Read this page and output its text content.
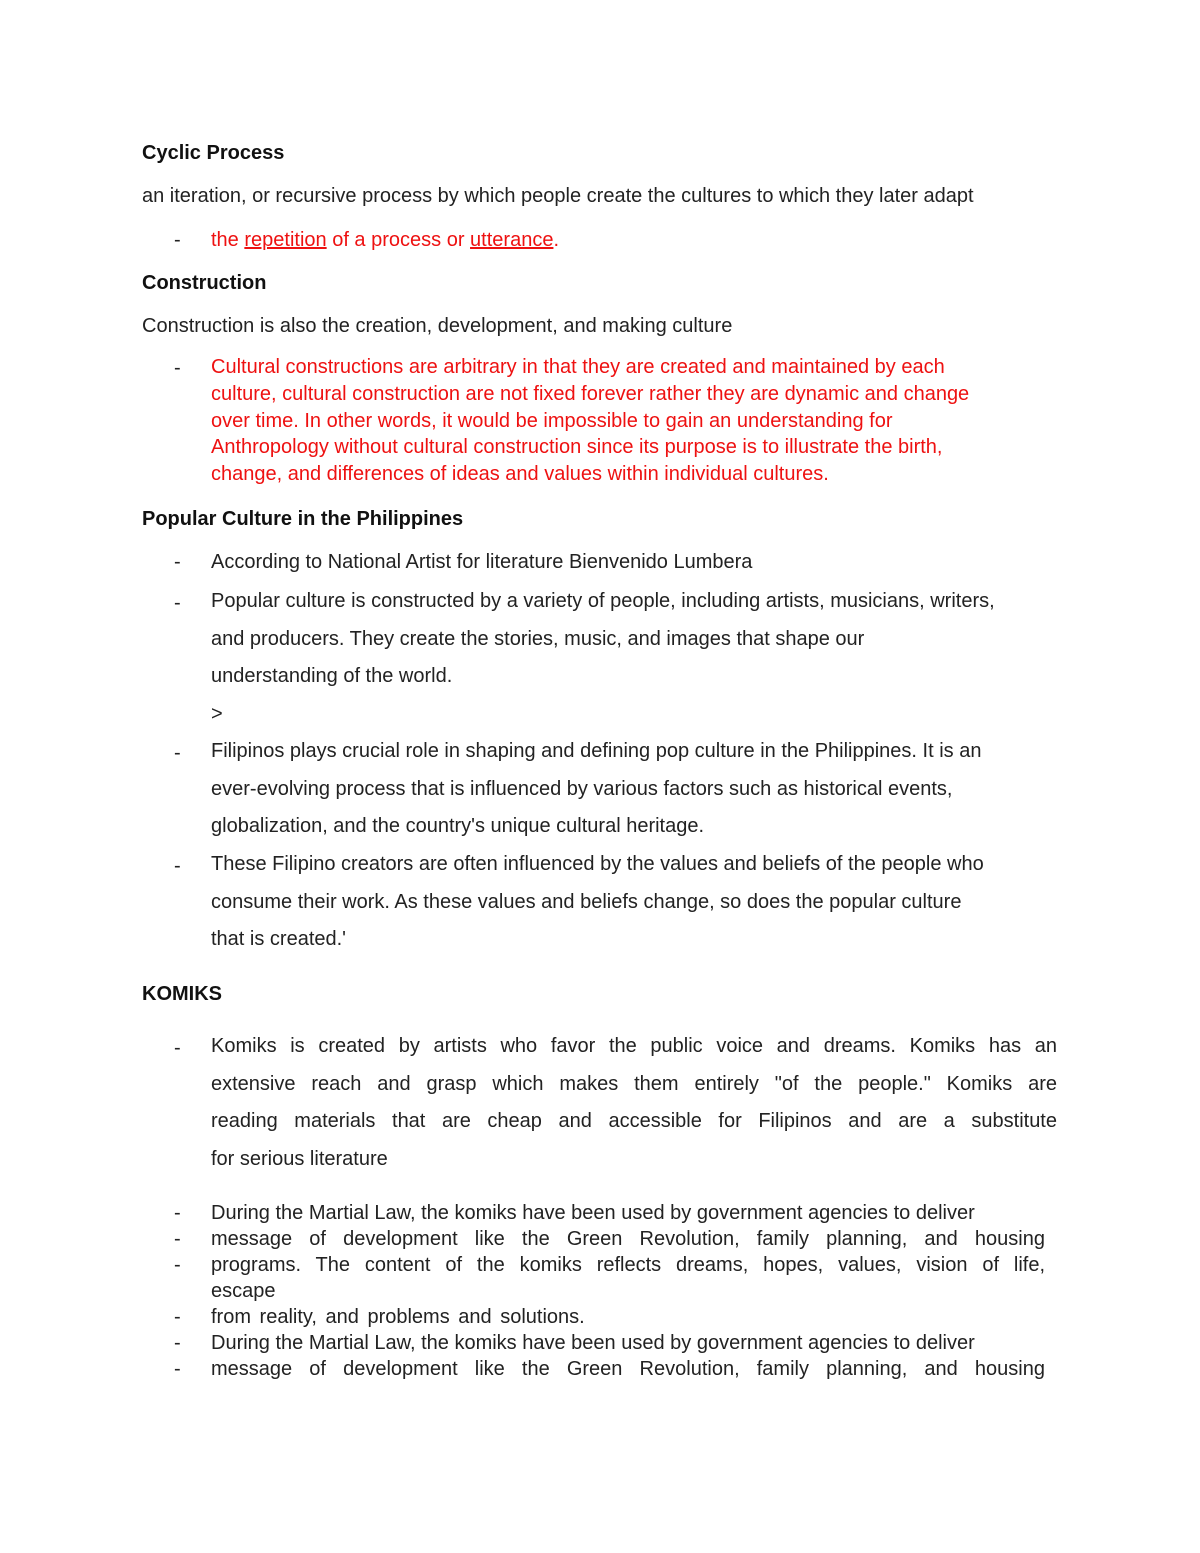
Cyclic Process
an iteration, or recursive process by which people create the cultures to which they later adapt
- the repetition of a process or utterance.
Construction
Construction is also the creation, development, and making culture
- Cultural constructions are arbitrary in that they are created and maintained by each
culture, cultural construction are not fixed forever rather they are dynamic and change
over time. In other words, it would be impossible to gain an understanding for
Anthropology without cultural construction since its purpose is to illustrate the birth,
change, and differences of ideas and values within individual cultures.
Popular Culture in the Philippines
- According to National Artist for literature Bienvenido Lumbera
- Popular culture is constructed by a variety of people, including artists, musicians, writers,
and producers. They create the stories, music, and images that shape our
understanding of the world.
>
- Filipinos plays crucial role in shaping and defining pop culture in the Philippines. It is an
ever-evolving process that is influenced by various factors such as historical events,
globalization, and the country's unique cultural heritage.
- These Filipino creators are often influenced by the values and beliefs of the people who
consume their work. As these values and beliefs change, so does the popular culture
that is created.'
KOMIKS
- Komiks is created by artists who favor the public voice and dreams. Komiks has an
extensive reach and grasp which makes them entirely "of the people." Komiks are
reading materials that are cheap and accessible for Filipinos and are a substitute
for serious literature
-
-
-
-
-
-
During the Martial Law, the komiks have been used by government agencies to deliver
message of development like the Green Revolution, family planning, and housing
programs. The content of the komiks reflects dreams, hopes, values, vision of life,
escape
from reality, and problems and solutions.
During the Martial Law, the komiks have been used by government agencies to deliver
message of development like the Green Revolution, family planning, and housing
